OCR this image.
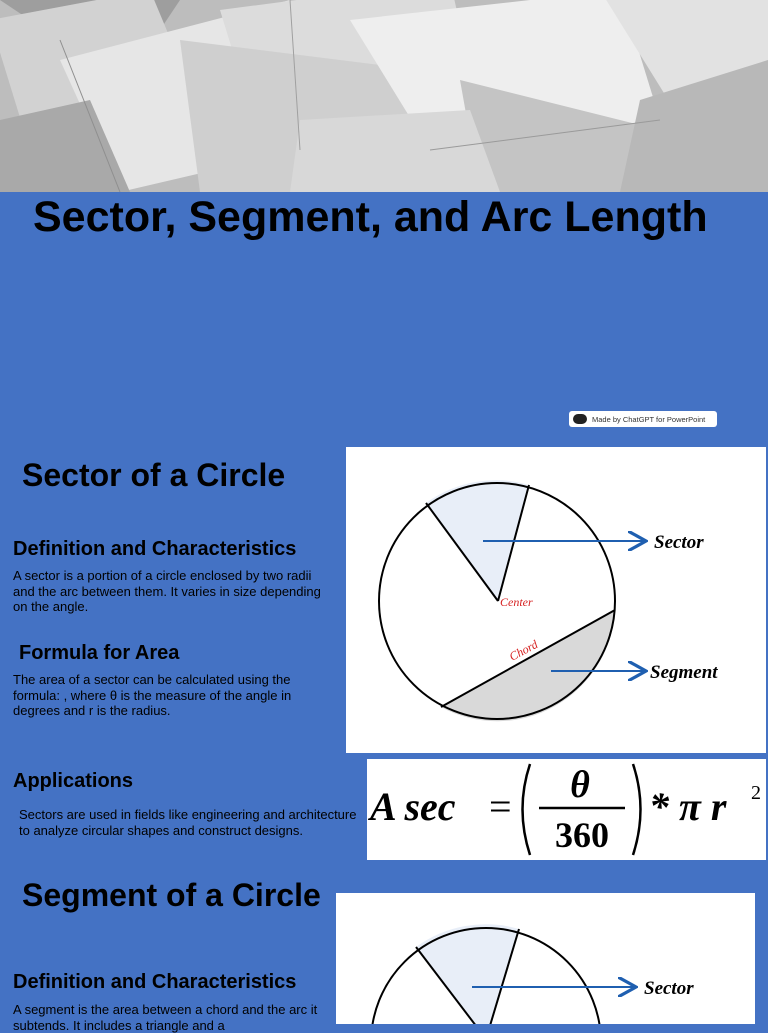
Sector, Segment, and Arc Length
Made by ChatGPT for PowerPoint
Sector of a Circle
Definition and Characteristics

A sector is a portion of a circle enclosed by two radii and the arc between them. It varies in size depending on the angle.

Formula for Area

The area of a sector can be calculated using the formula: , where θ is the measure of the angle in degrees and r is the radius.

Applications

Sectors are used in fields like engineering and architecture to analyze circular shapes and construct designs.

Sector
Segment
Center
Chord
A sec = θ
360
* π r 2
Segment of a Circle
Definition and Characteristics

A segment is the area between a chord and the arc it subtends. It includes a triangle and a

Sector
